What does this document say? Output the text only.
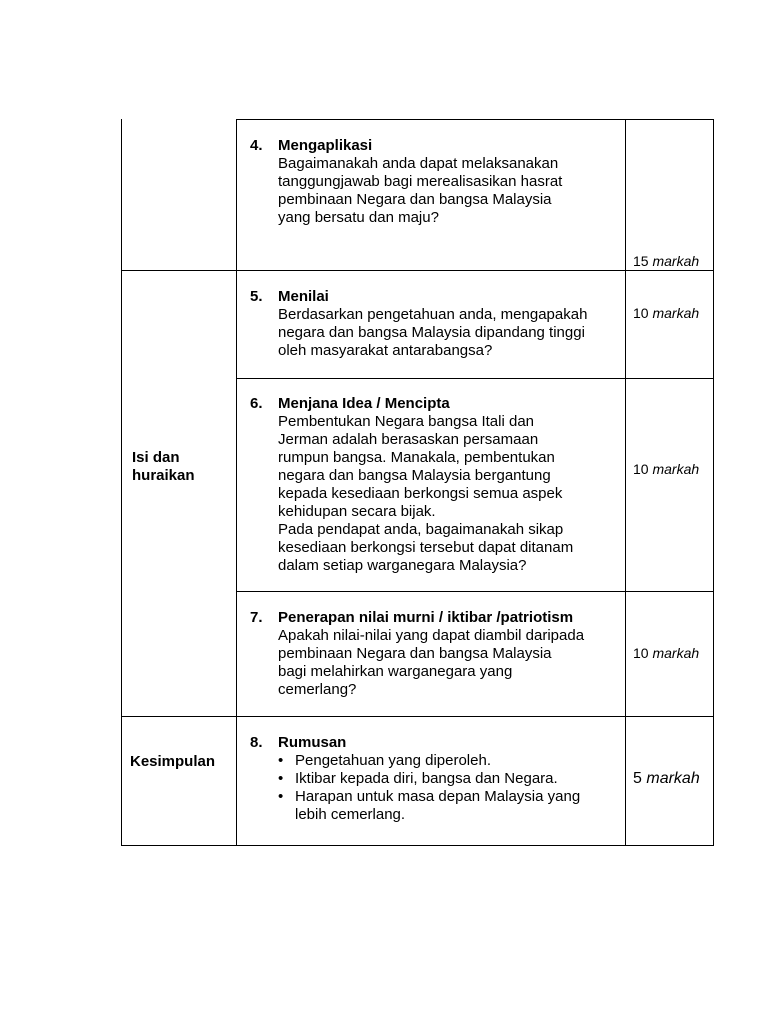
Isi dan
huraikan
Kesimpulan
4. Mengaplikasi
Bagaimanakah anda dapat melaksanakan
tanggungjawab bagi merealisasikan hasrat
pembinaan Negara dan bangsa Malaysia
yang bersatu dan maju?
15 markah
5. Menilai
Berdasarkan pengetahuan anda, mengapakah
negara dan bangsa Malaysia dipandang tinggi
oleh masyarakat antarabangsa?
10 markah
6. Menjana Idea / Mencipta
Pembentukan Negara bangsa Itali dan
Jerman adalah berasaskan persamaan
rumpun bangsa. Manakala, pembentukan
negara dan bangsa Malaysia bergantung
kepada kesediaan berkongsi semua aspek
kehidupan secara bijak.
Pada pendapat anda, bagaimanakah sikap
kesediaan berkongsi tersebut dapat ditanam
dalam setiap warganegara Malaysia?
10 markah
7. Penerapan nilai murni / iktibar /patriotism
Apakah nilai-nilai yang dapat diambil daripada
pembinaan Negara dan bangsa Malaysia
bagi melahirkan warganegara yang
cemerlang?
10 markah
8. Rumusan
• Pengetahuan yang diperoleh.
• Iktibar kepada diri, bangsa dan Negara.
• Harapan untuk masa depan Malaysia yang
lebih cemerlang.
5 markah
